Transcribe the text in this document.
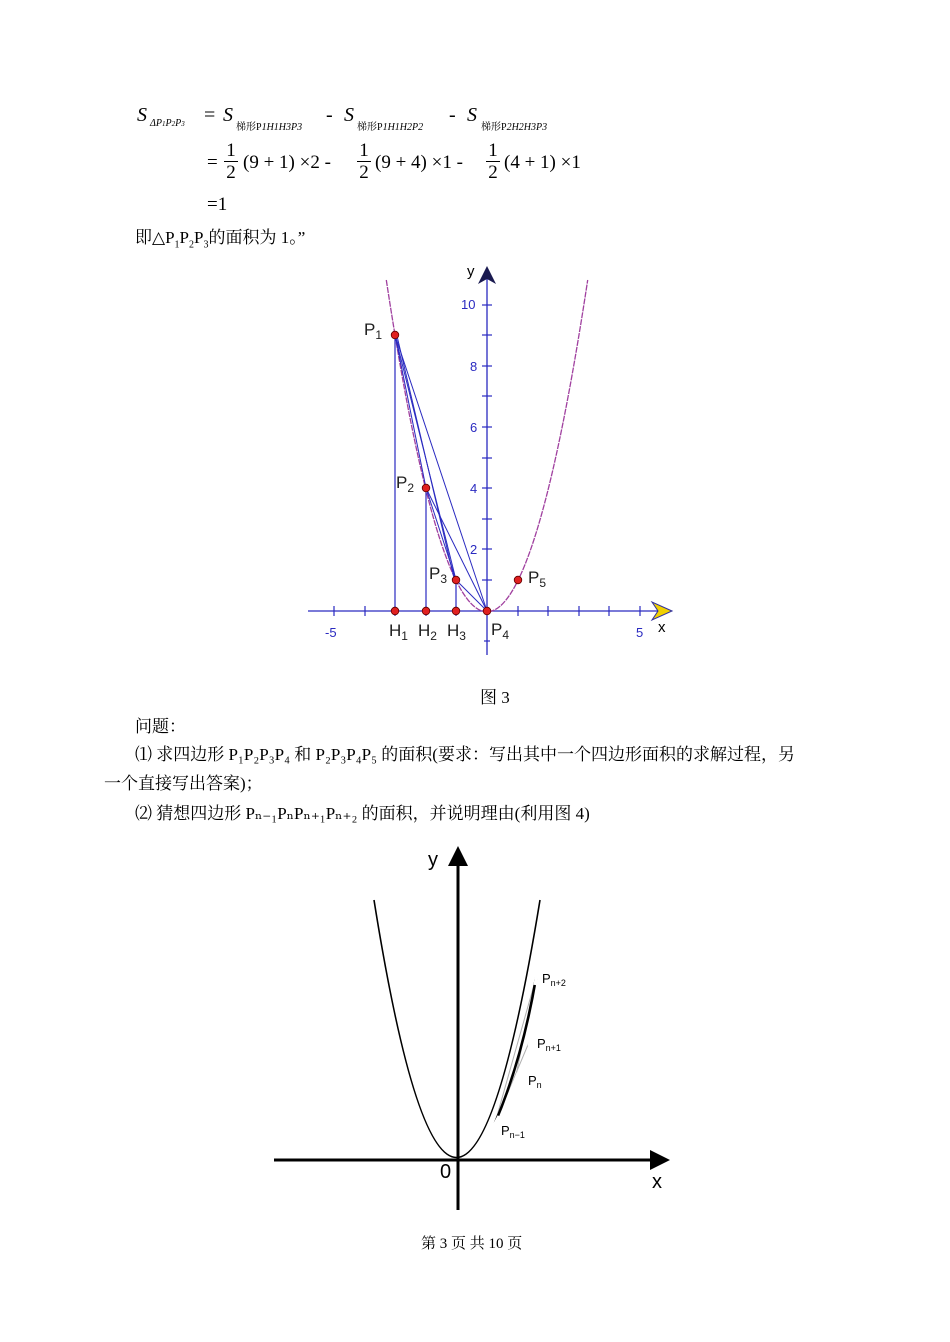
S ΔP1P2P3 = S
梯形P1H1H3P3
- S
梯形P1H1H2P2
- S
梯形P2H2H3P3
=
1
2 (9 + 1) ×2 -
1
2 (9 + 4) ×1 -
1
2 (4 + 1) ×1
=1
即$\triangle P_1P_2P_3$的面积为 1。”
-5	5
2
4
6
8
10
y
x
$P_1$
$P_2$
$P_3$	$P_5$
$P_4$
$H_1$ $H_2$ $H_3$
y
x
0
$P_{n+2}$
$P_{n+1}$
$P_n$
$P_{n-1}$
图 3
问题：
⑴ 求四边形 P₁P₂P₃P₄ 和 P₂P₃P₄P₅ 的面积(要求：写出其中一个四边形面积的求解过程，另
一个直接写出答案)；
⑵ 猜想四边形 Pₙ₋₁PₙPₙ₊₁Pₙ₊₂ 的面积，并说明理由(利用图 4)
第 3 页 共 10 页
